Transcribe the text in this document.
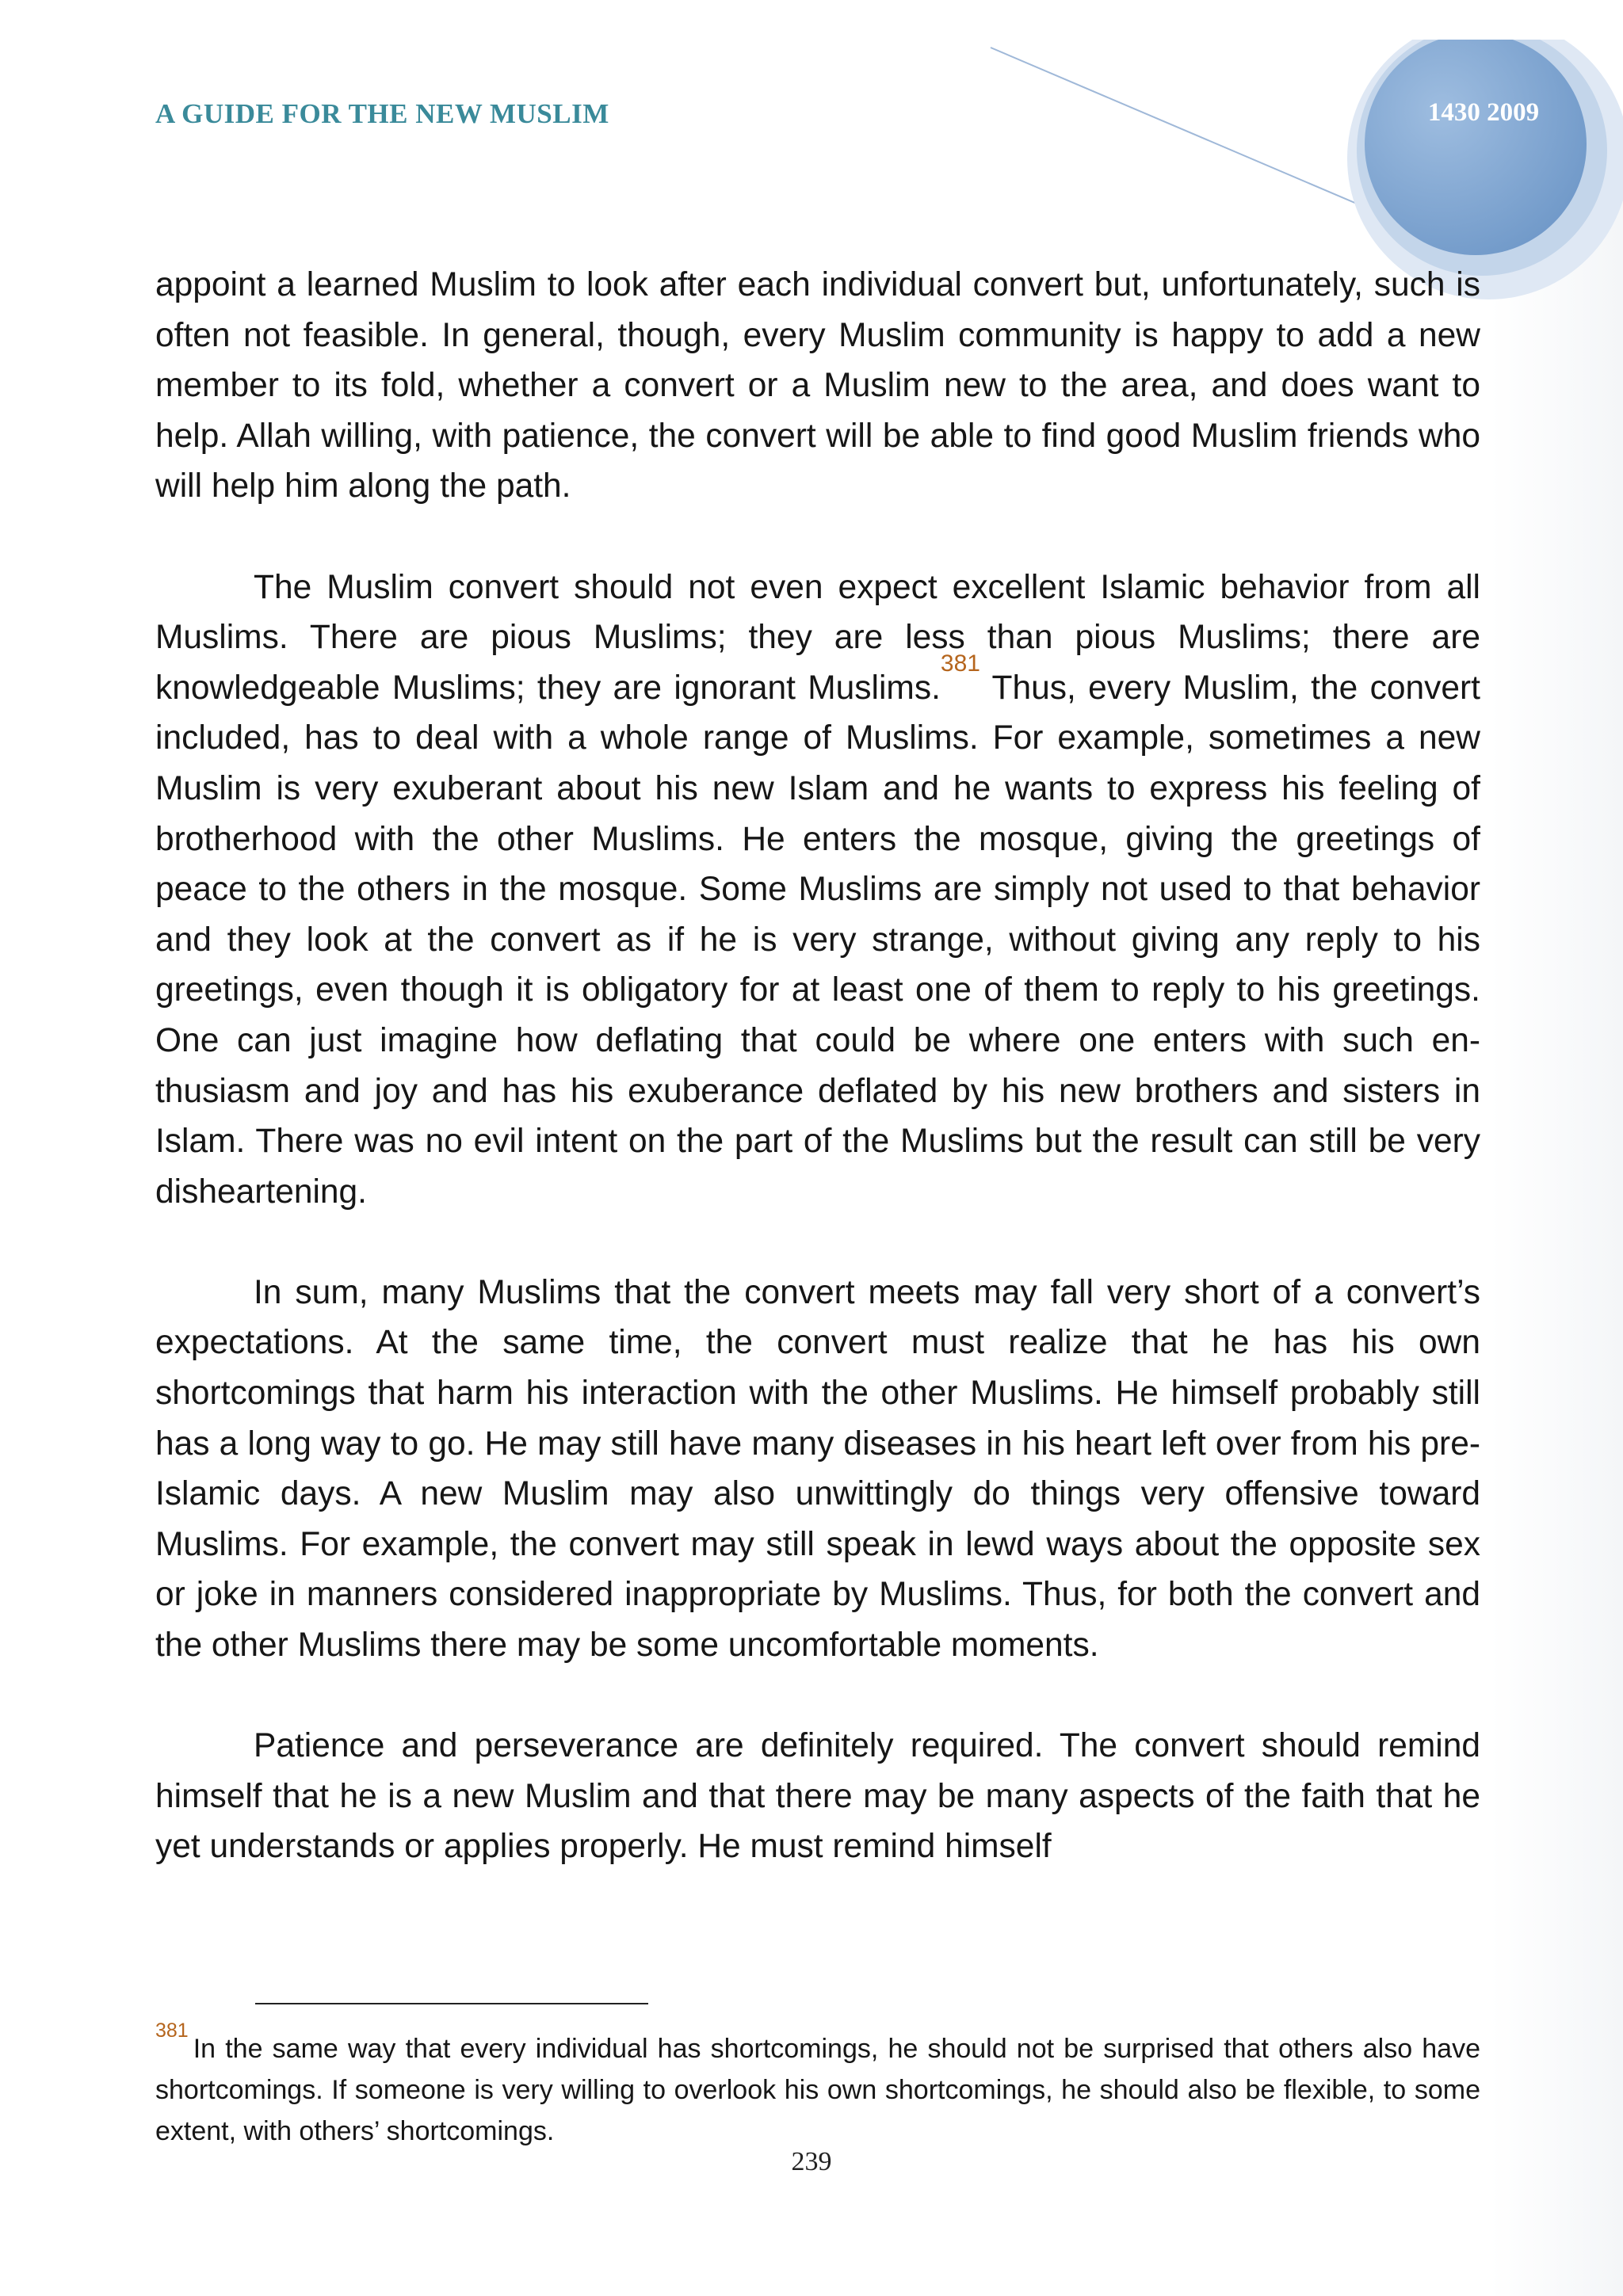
A GUIDE FOR THE NEW MUSLIM	1430 2009

appoint a learned Muslim to look after each individual convert but, unfortunately, such is often not feasible. In general, though, every Muslim community is happy to add a new member to its fold, whether a convert or a Muslim new to the area, and does want to help. Allah willing, with patience, the convert will be able to find good Muslim friends who will help him along the path.

The Muslim convert should not even expect excellent Islamic behavior from all Muslims. There are pious Muslims; they are less than pious Muslims; there are knowledgeable Muslims; they are ignorant Muslims.$^{381}$ Thus, every Muslim, the convert included, has to deal with a whole range of Muslims. For example, sometimes a new Muslim is very exuberant about his new Islam and he wants to express his feeling of brotherhood with the other Muslims. He enters the mosque, giving the greetings of peace to the others in the mosque. Some Muslims are simply not used to that behavior and they look at the convert as if he is very strange, without giving any reply to his greetings, even though it is obligatory for at least one of them to reply to his greetings. One can just imagine how deflating that could be where one enters with such enthusiasm and joy and has his exuberance deflated by his new brothers and sisters in Islam. There was no evil intent on the part of the Muslims but the result can still be very disheartening.

In sum, many Muslims that the convert meets may fall very short of a convert’s expectations. At the same time, the convert must realize that he has his own shortcomings that harm his interaction with the other Muslims. He himself probably still has a long way to go. He may still have many diseases in his heart left over from his pre-Islamic days. A new Muslim may also unwittingly do things very offensive toward Muslims. For example, the convert may still speak in lewd ways about the opposite sex or joke in manners considered inappropriate by Muslims. Thus, for both the convert and the other Muslims there may be some uncomfortable moments.

Patience and perseverance are definitely required. The convert should remind himself that he is a new Muslim and that there may be many aspects of the faith that he yet understands or applies properly. He must remind himself

$^{381}$In the same way that every individual has shortcomings, he should not be surprised that others also have shortcomings. If someone is very willing to overlook his own shortcomings, he should also be flexible, to some extent, with others’ shortcomings.
239
